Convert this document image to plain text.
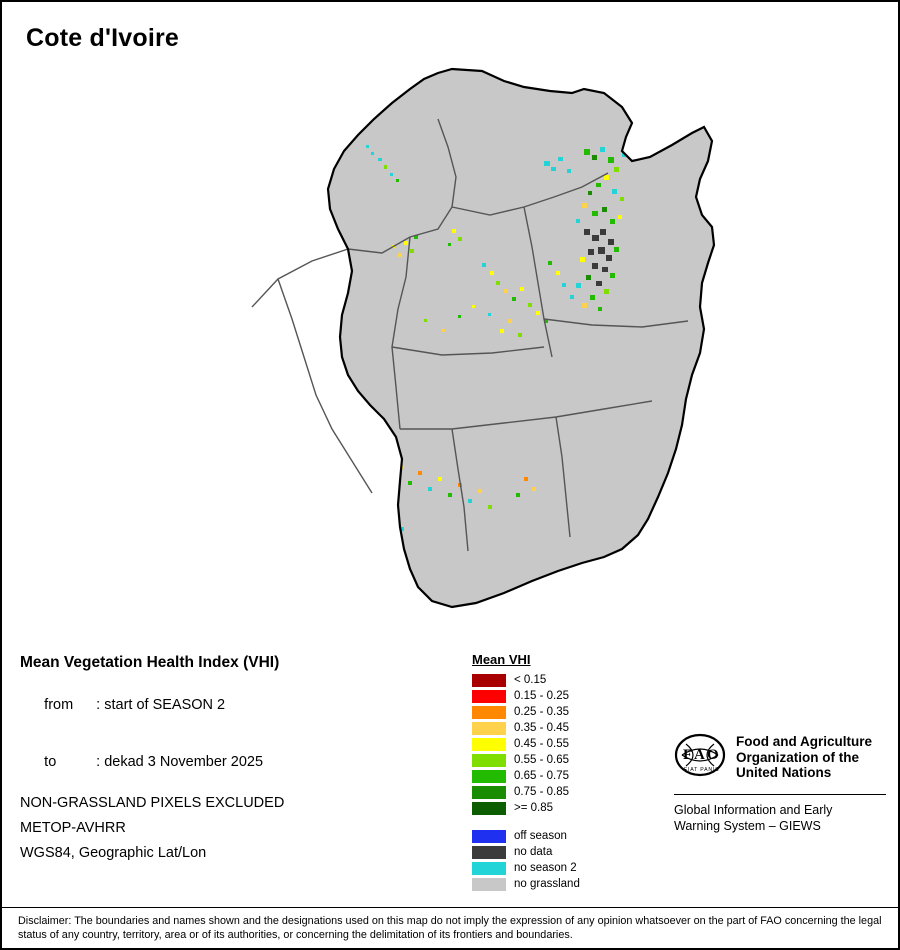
Cote d'Ivoire
Mean Vegetation Health Index (VHI)

from : start of SEASON 2

to	: dekad 3 November 2025

NON-GRASSLAND PIXELS EXCLUDED
METOP-AVHRR
WGS84, Geographic Lat/Lon
Mean VHI
< 0.15
0.15 - 0.25
0.25 - 0.35
0.35 - 0.45
0.45 - 0.55
0.55 - 0.65
0.65 - 0.75
0.75 - 0.85
>= 0.85
off season
no data
no season 2
no grassland
F A O
FIAT PANIS
Food and Agriculture Organization of the United Nations
Global Information and Early
Warning System – GIEWS
Disclaimer: The boundaries and names shown and the designations used on this map do not imply the expression of any opinion whatsoever on the part of FAO concerning the legal status of any country, territory, area or of its authorities, or concerning the delimitation of its frontiers and boundaries.
